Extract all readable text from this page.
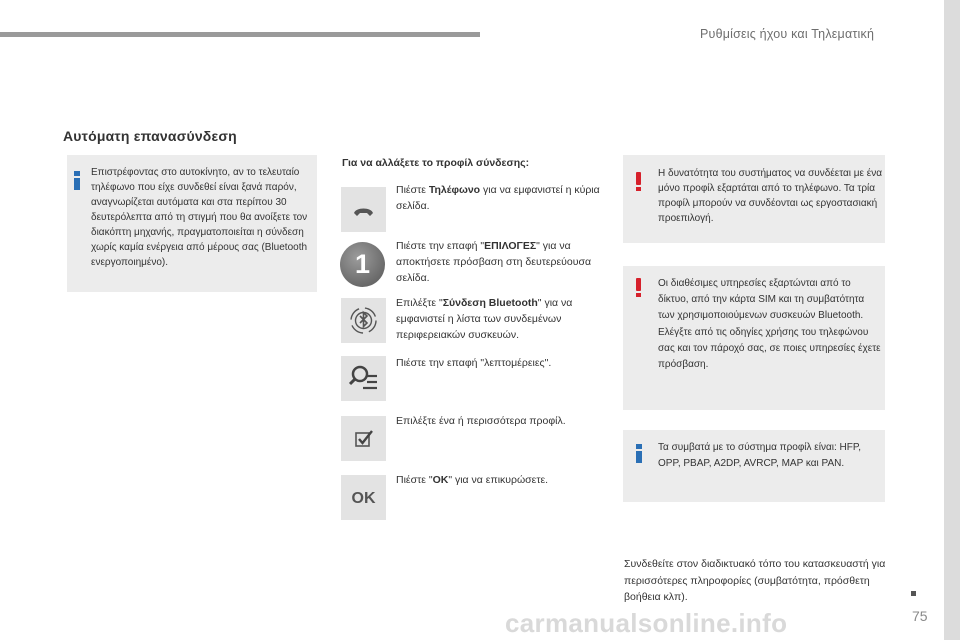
Ρυθμίσεις ήχου και Τηλεματική
Αυτόματη επανασύνδεση
Επιστρέφοντας στο αυτοκίνητο, αν το τελευταίο τηλέφωνο που είχε συνδεθεί είναι ξανά παρόν, αναγνωρίζεται αυτόματα και στα περίπου 30 δευτερόλεπτα από τη στιγμή που θα ανοίξετε τον διακόπτη μηχανής, πραγματοποιείται η σύνδεση χωρίς καμία ενέργεια από μέρους σας (Bluetooth ενεργοποιημένο).
Για να αλλάξετε το προφίλ σύνδεσης:
Πιέστε Τηλέφωνο για να εμφανιστεί η κύρια σελίδα.
1
Πιέστε την επαφή "ΕΠΙΛΟΓΕΣ" για να αποκτήσετε πρόσβαση στη δευτερεύουσα σελίδα.
Επιλέξτε "Σύνδεση Bluetooth" για να εμφανιστεί η λίστα των συνδεμένων περιφερειακών συσκευών.
Πιέστε την επαφή "λεπτομέρειες".
Επιλέξτε ένα ή περισσότερα προφίλ.
OK
Πιέστε "OK" για να επικυρώσετε.
Η δυνατότητα του συστήματος να συνδέεται με ένα μόνο προφίλ εξαρτάται από το τηλέφωνο. Τα τρία προφίλ μπορούν να συνδέονται ως εργοστασιακή προεπιλογή.
Οι διαθέσιμες υπηρεσίες εξαρτώνται από το δίκτυο, από την κάρτα SIM και τη συμβατότητα των χρησιμοποιούμενων συσκευών Bluetooth. Ελέγξτε από τις οδηγίες χρήσης του τηλεφώνου σας και τον πάροχό σας, σε ποιες υπηρεσίες έχετε πρόσβαση.
Τα συμβατά με το σύστημα προφίλ είναι: HFP, OPP, PBAP, A2DP, AVRCP, MAP και PAN.
Συνδεθείτε στον διαδικτυακό τόπο του κατασκευαστή για περισσότερες πληροφορίες (συμβατότητα, πρόσθετη βοήθεια κλπ).
carmanualsonline.info	75
